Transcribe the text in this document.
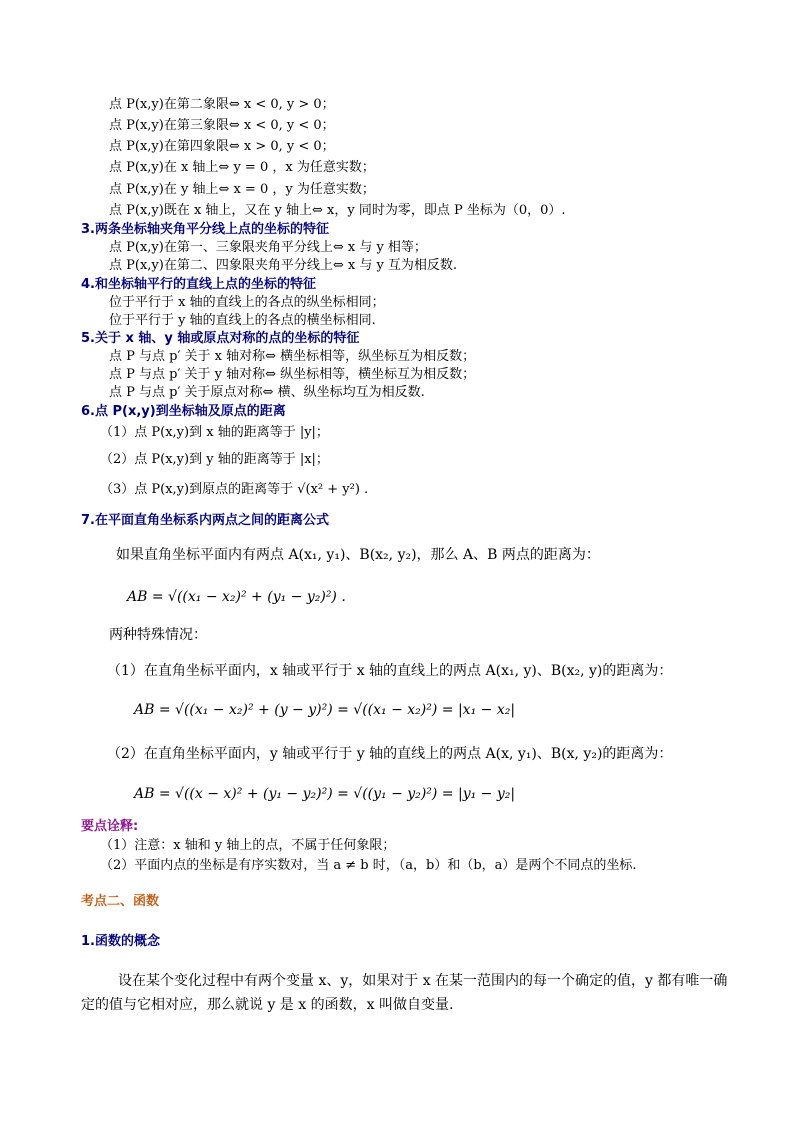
点 P(x,y)在第二象限⇔ x < 0, y > 0；
点 P(x,y)在第三象限⇔ x < 0, y < 0；
点 P(x,y)在第四象限⇔ x > 0, y < 0；
点 P(x,y)在 x 轴上⇔ y = 0 ，x 为任意实数；
点 P(x,y)在 y 轴上⇔ x = 0 ，y 为任意实数；
点 P(x,y)既在 x 轴上，又在 y 轴上⇔ x，y 同时为零，即点 P 坐标为（0，0）.
3.两条坐标轴夹角平分线上点的坐标的特征
点 P(x,y)在第一、三象限夹角平分线上⇔ x 与 y 相等；
点 P(x,y)在第二、四象限夹角平分线上⇔ x 与 y 互为相反数.
4.和坐标轴平行的直线上点的坐标的特征
位于平行于 x 轴的直线上的各点的纵坐标相同；
位于平行于 y 轴的直线上的各点的横坐标相同.
5.关于 x 轴、y 轴或原点对称的点的坐标的特征
点 P 与点 p′ 关于 x 轴对称⇔ 横坐标相等，纵坐标互为相反数；
点 P 与点 p′ 关于 y 轴对称⇔ 纵坐标相等，横坐标互为相反数；
点 P 与点 p′ 关于原点对称⇔ 横、纵坐标均互为相反数.
6.点 P(x,y)到坐标轴及原点的距离
（1）点 P(x,y)到 x 轴的距离等于 |y|；
（2）点 P(x,y)到 y 轴的距离等于 |x|；
（3）点 P(x,y)到原点的距离等于 √(x² + y²) .
7.在平面直角坐标系内两点之间的距离公式
如果直角坐标平面内有两点 A(x₁, y₁)、B(x₂, y₂)，那么 A、B 两点的距离为：
AB = √((x₁ − x₂)² + (y₁ − y₂)²) .
两种特殊情况：
（1）在直角坐标平面内，x 轴或平行于 x 轴的直线上的两点 A(x₁, y)、B(x₂, y)的距离为：
AB = √((x₁ − x₂)² + (y − y)²) = √((x₁ − x₂)²) = |x₁ − x₂|
（2）在直角坐标平面内，y 轴或平行于 y 轴的直线上的两点 A(x, y₁)、B(x, y₂)的距离为：
AB = √((x − x)² + (y₁ − y₂)²) = √((y₁ − y₂)²) = |y₁ − y₂|
要点诠释:
（1）注意：x 轴和 y 轴上的点，不属于任何象限；
（2）平面内点的坐标是有序实数对，当 a ≠ b 时，（a，b）和（b，a）是两个不同点的坐标.
考点二、函数
1.函数的概念
设在某个变化过程中有两个变量 x、y，如果对于 x 在某一范围内的每一个确定的值，y 都有唯一确
定的值与它相对应，那么就说 y 是 x 的函数，x 叫做自变量.
